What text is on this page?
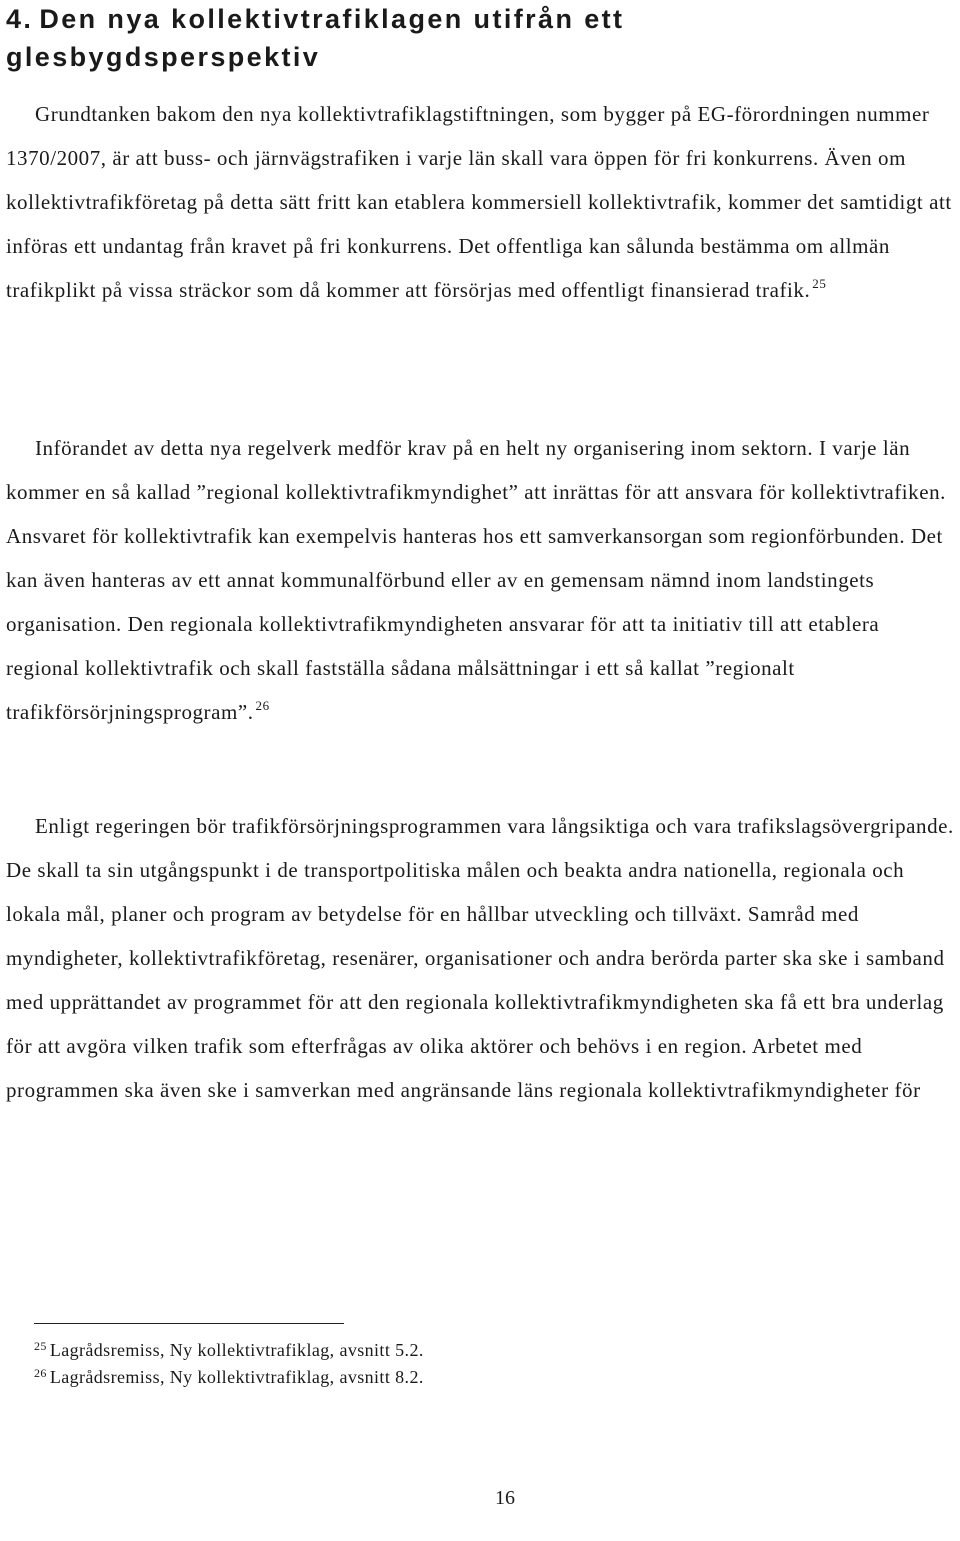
4. Den nya kollektivtrafiklagen utifrån ett glesbygdsperspektiv

Grundtanken bakom den nya kollektivtrafiklagstiftningen, som bygger på EG-förordningen nummer 1370/2007, är att buss- och järnvägstrafiken i varje län skall vara öppen för fri konkurrens. Även om kollektivtrafikföretag på detta sätt fritt kan etablera kommersiell kollektivtrafik, kommer det samtidigt att införas ett undantag från kravet på fri konkurrens. Det offentliga kan sålunda bestämma om allmän trafikplikt på vissa sträckor som då kommer att försörjas med offentligt finansierad trafik. $^{25}$

Införandet av detta nya regelverk medför krav på en helt ny organisering inom sektorn. I varje län kommer en så kallad ”regional kollektivtrafikmyndighet” att inrättas för att ansvara för kollektivtrafiken. Ansvaret för kollektivtrafik kan exempelvis hanteras hos ett samverkansorgan som regionförbunden. Det kan även hanteras av ett annat kommunalförbund eller av en gemensam nämnd inom landstingets organisation. Den regionala kollektivtrafikmyndigheten ansvarar för att ta initiativ till att etablera regional kollektivtrafik och skall fastställa sådana målsättningar i ett så kallat ”regionalt trafikförsörjningsprogram”. $^{26}$

Enligt regeringen bör trafikförsörjningsprogrammen vara långsiktiga och vara trafikslagsövergripande. De skall ta sin utgångspunkt i de transportpolitiska målen och beakta andra nationella, regionala och lokala mål, planer och program av betydelse för en hållbar utveckling och tillväxt. Samråd med myndigheter, kollektivtrafikföretag, resenärer, organisationer och andra berörda parter ska ske i samband med upprättandet av programmet för att den regionala kollektivtrafikmyndigheten ska få ett bra underlag för att avgöra vilken trafik som efterfrågas av olika aktörer och behövs i en region. Arbetet med programmen ska även ske i samverkan med angränsande läns regionala kollektivtrafikmyndigheter för

$^{25}$ Lagrådsremiss, Ny kollektivtrafiklag, avsnitt 5.2.

$^{26}$ Lagrådsremiss, Ny kollektivtrafiklag, avsnitt 8.2.

16
